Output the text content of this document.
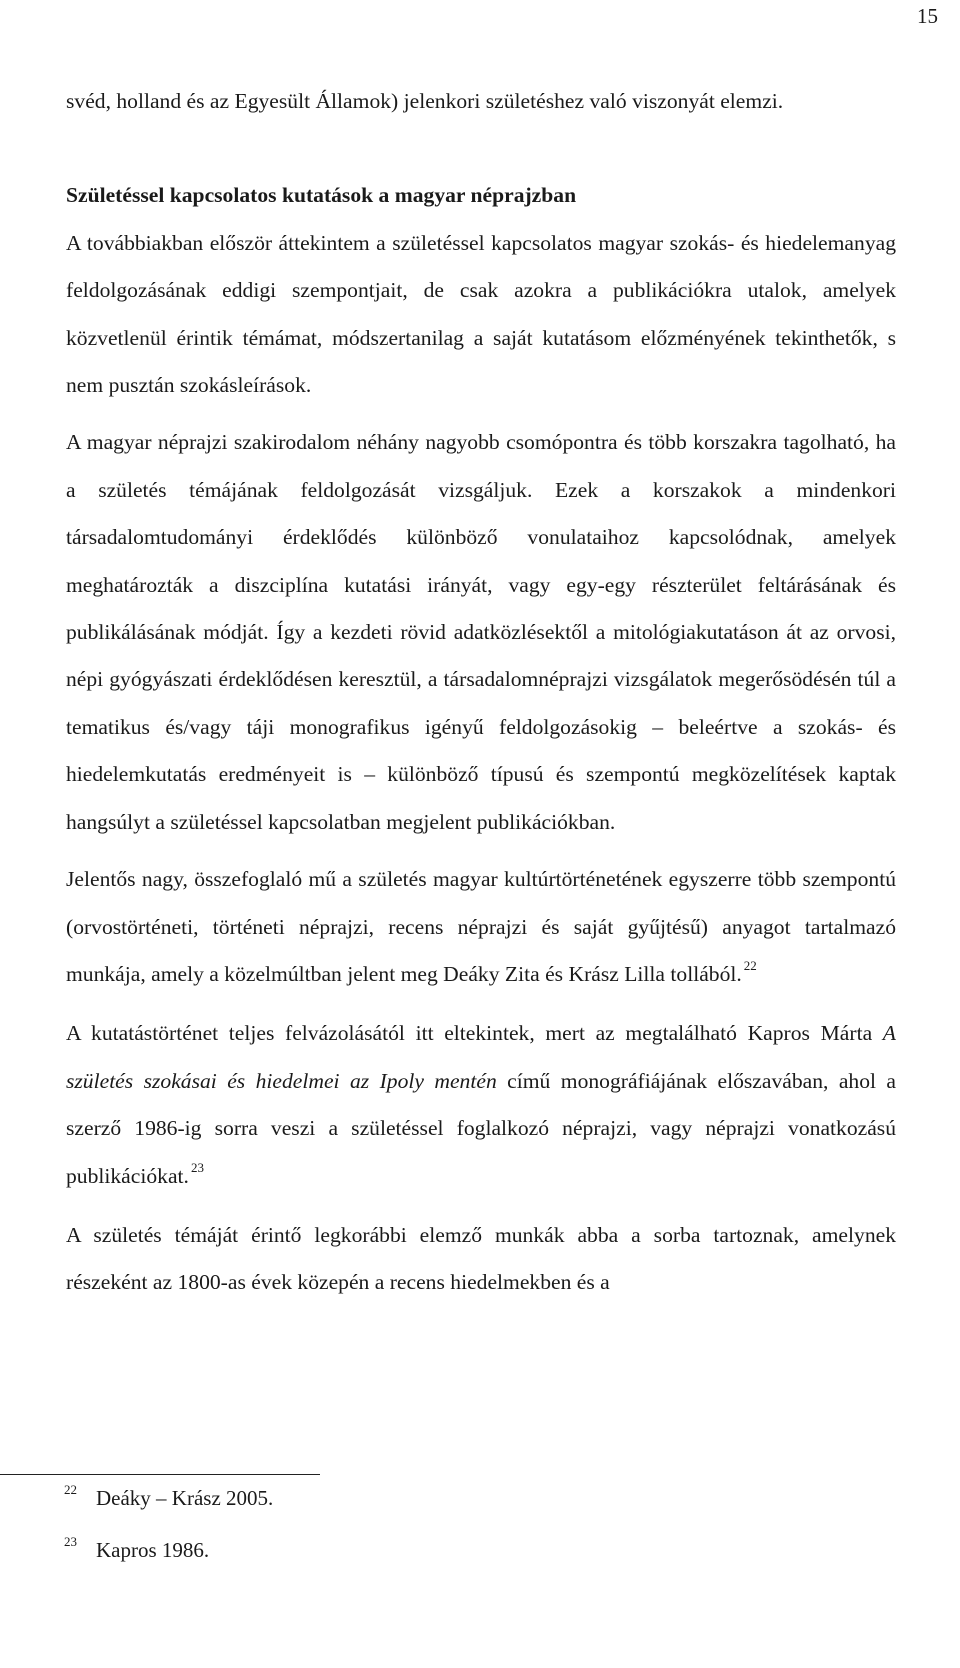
15

svéd, holland és az Egyesült Államok) jelenkori születéshez való viszonyát elemzi.

Születéssel kapcsolatos kutatások a magyar néprajzban

A továbbiakban először áttekintem a születéssel kapcsolatos magyar szokás- és hiedelemanyag feldolgozásának eddigi szempontjait, de csak azokra a publikációkra utalok, amelyek közvetlenül érintik témámat, módszertanilag a saját kutatásom előzményének tekinthetők, s nem pusztán szokásleírások.

A magyar néprajzi szakirodalom néhány nagyobb csomópontra és több korszakra tagolható, ha a születés témájának feldolgozását vizsgáljuk. Ezek a korszakok a mindenkori társadalomtudományi érdeklődés különböző vonulataihoz kapcsolódnak, amelyek meghatározták a diszciplína kutatási irányát, vagy egy-egy részterület feltárásának és publikálásának módját. Így a kezdeti rövid adatközlésektől a mitológiakutatáson át az orvosi, népi gyógyászati érdeklődésen keresztül, a társadalomnéprajzi vizsgálatok megerősödésén túl a tematikus és/vagy táji monografikus igényű feldolgozásokig – beleértve a szokás- és hiedelemkutatás eredményeit is – különböző típusú és szempontú megközelítések kaptak hangsúlyt a születéssel kapcsolatban megjelent publikációkban.

Jelentős nagy, összefoglaló mű a születés magyar kultúrtörténetének egyszerre több szempontú (orvostörténeti, történeti néprajzi, recens néprajzi és saját gyűjtésű) anyagot tartalmazó munkája, amely a közelmúltban jelent meg Deáky Zita és Krász Lilla tollából. $^{22}$

A kutatástörténet teljes felvázolásától itt eltekintek, mert az megtalálható Kapros Márta A születés szokásai és hiedelmei az Ipoly mentén című monográfiájának előszavában, ahol a szerző 1986-ig sorra veszi a születéssel foglalkozó néprajzi, vagy néprajzi vonatkozású publikációkat. $^{23}$

A születés témáját érintő legkorábbi elemző munkák abba a sorba tartoznak, amelynek részeként az 1800-as évek közepén a recens hiedelmekben és a

22 Deáky – Krász 2005.
23 Kapros 1986.
